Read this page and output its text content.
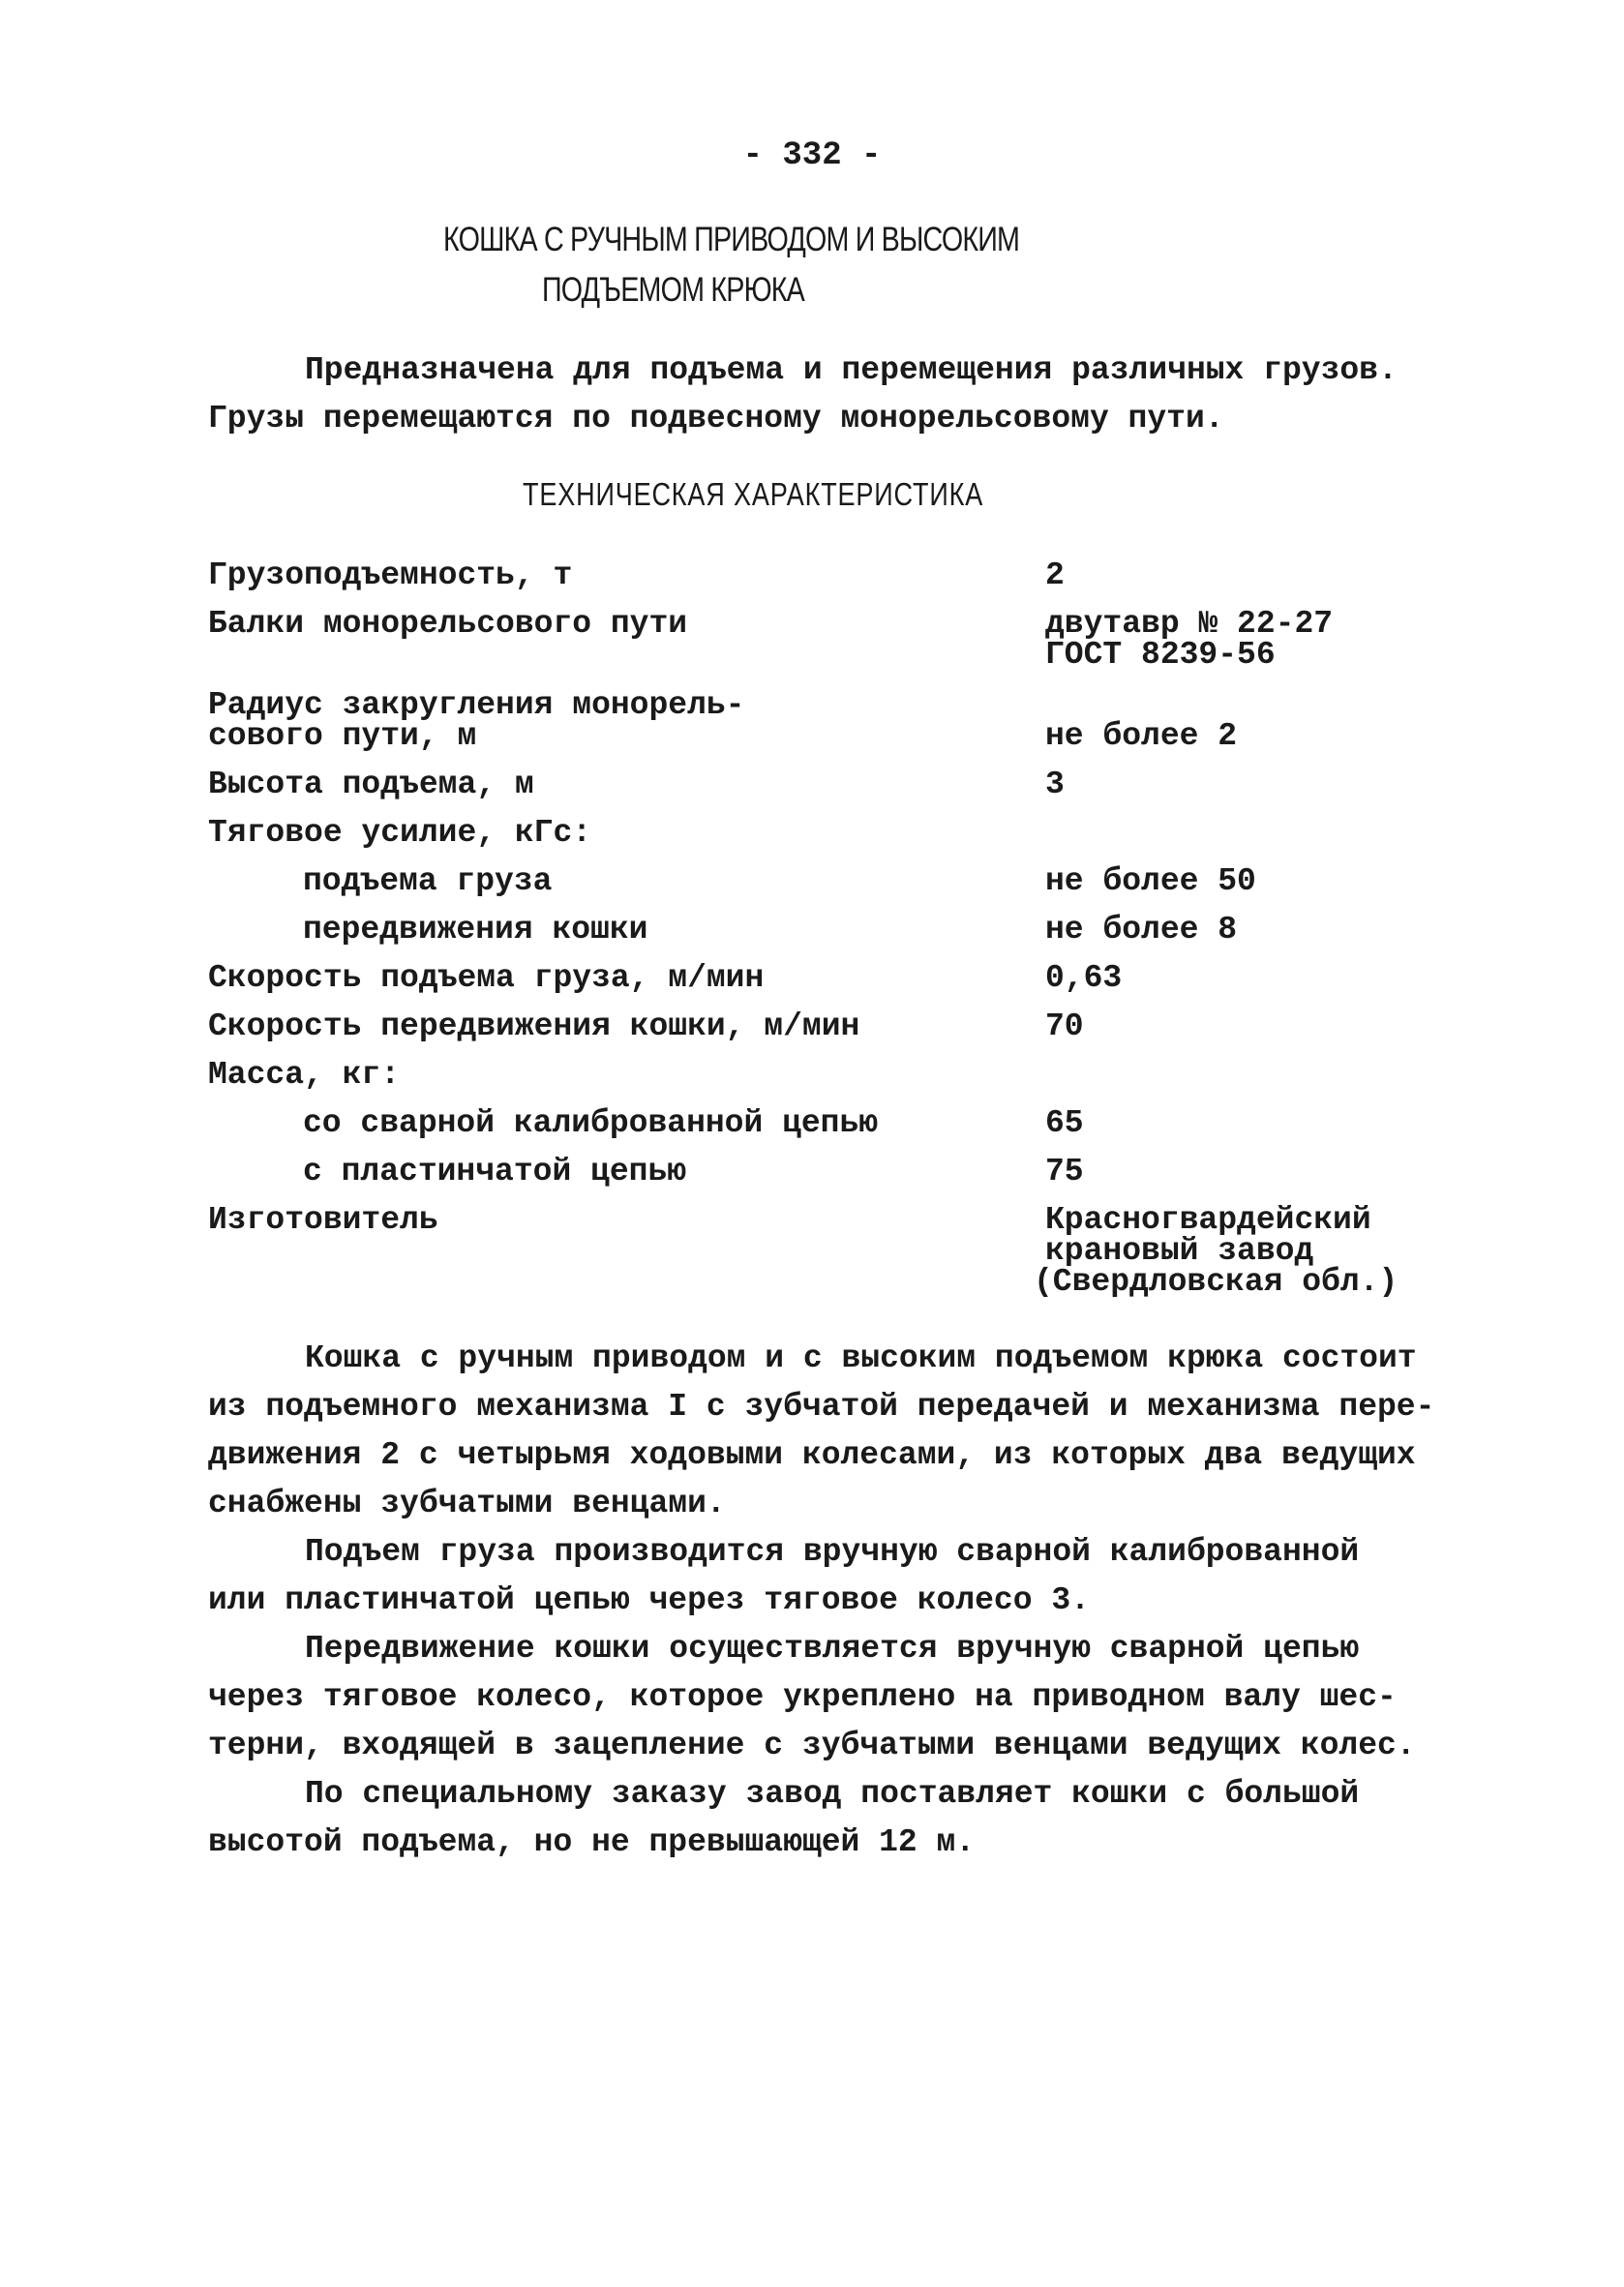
- 332 -
КОШКА С РУЧНЫМ ПРИВОДОМ И ВЫСОКИМ
ПОДЪЕМОМ КРЮКА
Предназначена для подъема и перемещения различных грузов.
Грузы перемещаются по подвесному монорельсовому пути.
ТЕХНИЧЕСКАЯ ХАРАКТЕРИСТИКА
Грузоподъемность, т	2
Балки монорельсового пути	двутавр № 22-27
ГОСТ 8239-56
Радиус закругления монорель-
сового пути, м	не более 2
Высота подъема, м	3
Тяговое усилие, кГс:
подъема груза	не более 50
передвижения кошки	не более 8
Скорость подъема груза, м/мин	0,63
Скорость передвижения кошки, м/мин	70
Масса, кг:
со сварной калиброванной цепью	65
с пластинчатой цепью	75
Изготовитель	Красногвардейский
крановый завод
(Свердловская обл.)
Кошка с ручным приводом и с высоким подъемом крюка состоит
из подъемного механизма I с зубчатой передачей и механизма пере-
движения 2 с четырьмя ходовыми колесами, из которых два ведущих
снабжены зубчатыми венцами.
Подъем груза производится вручную сварной калиброванной
или пластинчатой цепью через тяговое колесо 3.
Передвижение кошки осуществляется вручную сварной цепью
через тяговое колесо, которое укреплено на приводном валу шес-
терни, входящей в зацепление с зубчатыми венцами ведущих колес.
По специальному заказу завод поставляет кошки с большой
высотой подъема, но не превышающей 12 м.
